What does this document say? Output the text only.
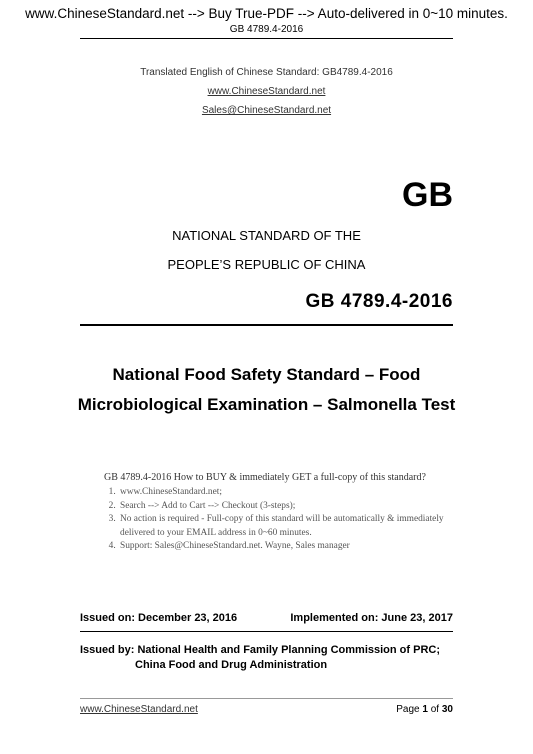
www.ChineseStandard.net --> Buy True-PDF --> Auto-delivered in 0~10 minutes.
GB 4789.4-2016
Translated English of Chinese Standard: GB4789.4-2016
www.ChineseStandard.net
Sales@ChineseStandard.net
GB
NATIONAL STANDARD OF THE
PEOPLE’S REPUBLIC OF CHINA
GB 4789.4-2016
National Food Safety Standard – Food
Microbiological Examination – Salmonella Test
GB 4789.4-2016 How to BUY & immediately GET a full-copy of this standard?
1. www.ChineseStandard.net;
2. Search --> Add to Cart --> Checkout (3-steps);
3. No action is required - Full-copy of this standard will be automatically & immediately delivered to your EMAIL address in 0~60 minutes.
4. Support: Sales@ChineseStandard.net. Wayne, Sales manager
Issued on: December 23, 2016	Implemented on: June 23, 2017
Issued by: National Health and Family Planning Commission of PRC;
China Food and Drug Administration
www.ChineseStandard.net	Page 1 of 30
